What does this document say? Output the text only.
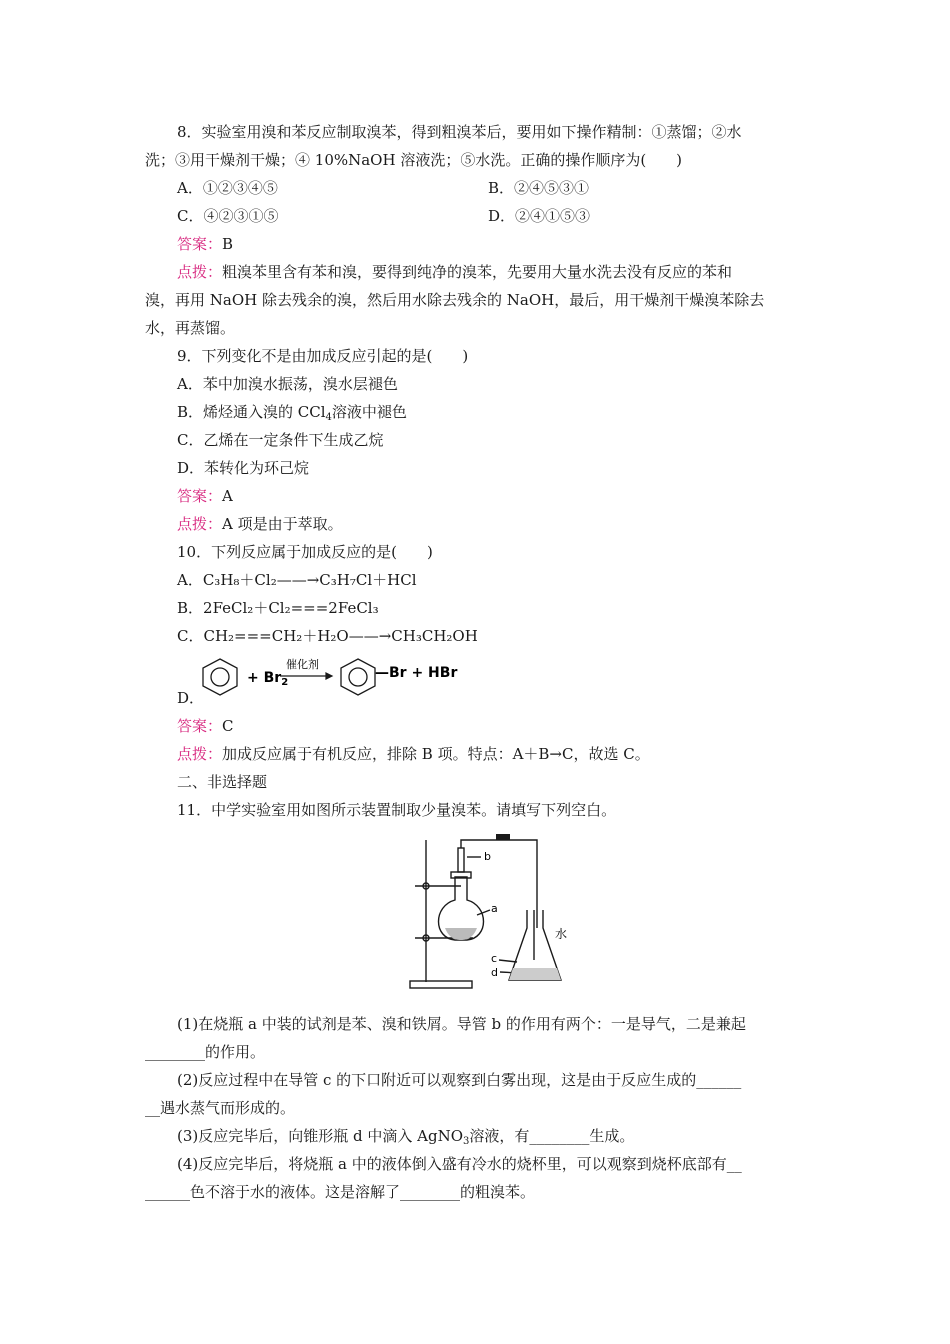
8．实验室用溴和苯反应制取溴苯，得到粗溴苯后，要用如下操作精制：①蒸馏；②水
洗；③用干燥剂干燥；④ 10%NaOH 溶液洗；⑤水洗。正确的操作顺序为(　　)
A．①②③④⑤	B．②④⑤③①
C．④②③①⑤	D．②④①⑤③
答案：B
点拨：粗溴苯里含有苯和溴，要得到纯净的溴苯，先要用大量水洗去没有反应的苯和
溴，再用 NaOH 除去残余的溴，然后用水除去残余的 NaOH，最后，用干燥剂干燥溴苯除去
水，再蒸馏。
9．下列变化不是由加成反应引起的是(　　)
A．苯中加溴水振荡，溴水层褪色
B．烯烃通入溴的 CCl$_4$溶液中褪色
C．乙烯在一定条件下生成乙烷
D．苯转化为环己烷
答案：A
点拨：A 项是由于萃取。
10．下列反应属于加成反应的是(　　)
A．C₃H₈＋Cl₂——→C₃H₇Cl＋HCl
B．2FeCl₂＋Cl₂===2FeCl₃
C．CH₂===CH₂＋H₂O——→CH₃CH₂OH
+ $Br_2$
催化剂
—Br + HBr
D．
答案：C
点拨：加成反应属于有机反应，排除 B 项。特点：A＋B→C，故选 C。
二、非选择题
11．中学实验室用如图所示装置制取少量溴苯。请填写下列空白。
b
a
水
c
d
(1)在烧瓶 a 中装的试剂是苯、溴和铁屑。导管 b 的作用有两个：一是导气，二是兼起
________的作用。
(2)反应过程中在导管 c 的下口附近可以观察到白雾出现，这是由于反应生成的______
__遇水蒸气而形成的。
(3)反应完毕后，向锥形瓶 d 中滴入 AgNO$_3$溶液，有________生成。
(4)反应完毕后，将烧瓶 a 中的液体倒入盛有冷水的烧杯里，可以观察到烧杯底部有__
______色不溶于水的液体。这是溶解了________的粗溴苯。
